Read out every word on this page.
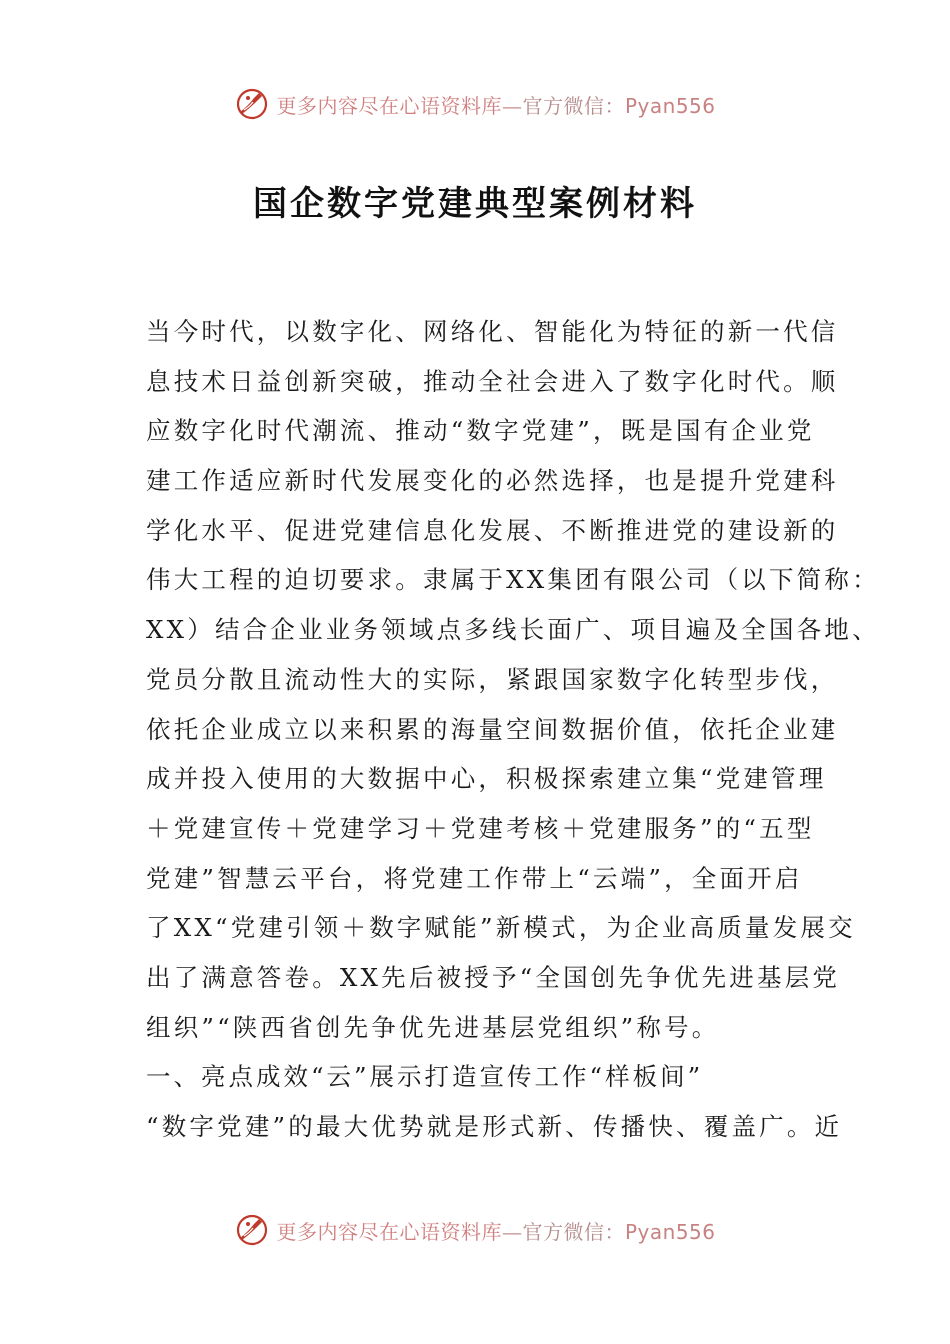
更多内容尽在心语资料库—官方微信：Pyan556
国企数字党建典型案例材料
当今时代，以数字化、网络化、智能化为特征的新一代信
息技术日益创新突破，推动全社会进入了数字化时代。顺
应数字化时代潮流、推动“数字党建”，既是国有企业党
建工作适应新时代发展变化的必然选择，也是提升党建科
学化水平、促进党建信息化发展、不断推进党的建设新的
伟大工程的迫切要求。隶属于XX集团有限公司（以下简称：
XX）结合企业业务领域点多线长面广、项目遍及全国各地、
党员分散且流动性大的实际，紧跟国家数字化转型步伐，
依托企业成立以来积累的海量空间数据价值，依托企业建
成并投入使用的大数据中心，积极探索建立集“党建管理
＋党建宣传＋党建学习＋党建考核＋党建服务”的“五型
党建”智慧云平台，将党建工作带上“云端”，全面开启
了XX“党建引领＋数字赋能”新模式，为企业高质量发展交
出了满意答卷。XX先后被授予“全国创先争优先进基层党
组织”“陕西省创先争优先进基层党组织”称号。
一、亮点成效“云”展示打造宣传工作“样板间”
“数字党建”的最大优势就是形式新、传播快、覆盖广。近
更多内容尽在心语资料库—官方微信：Pyan556
